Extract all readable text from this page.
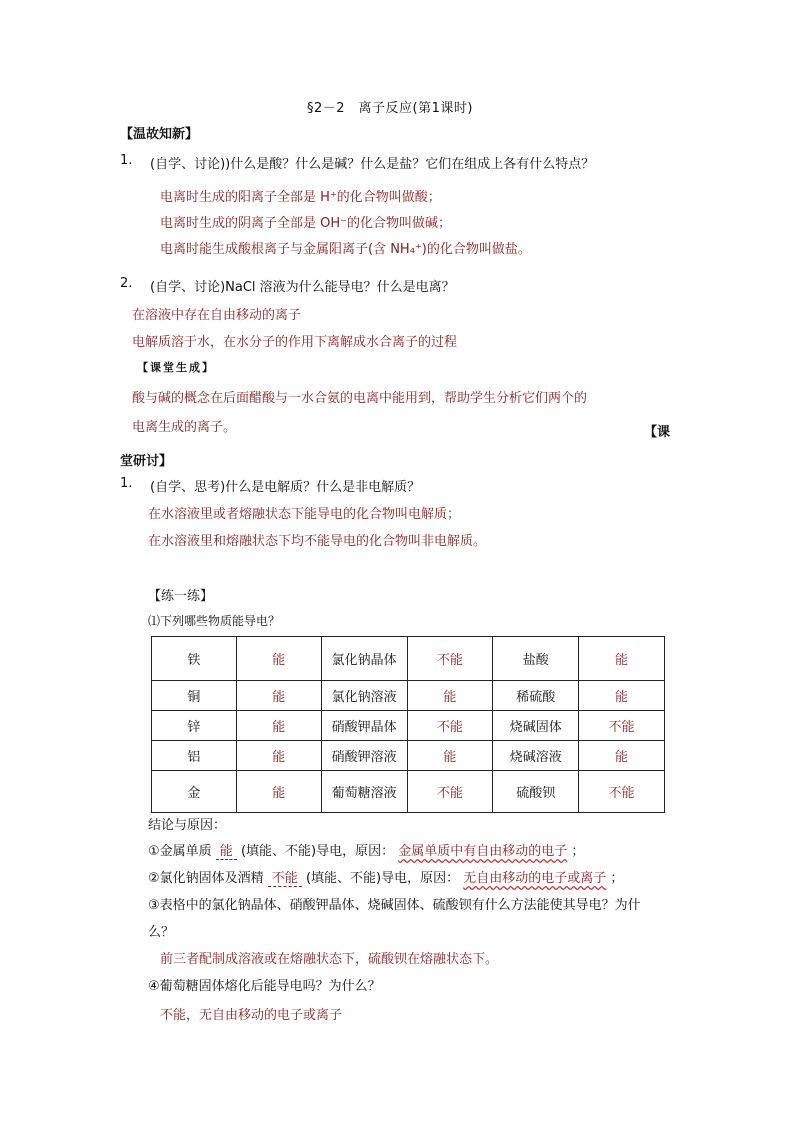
§2－2　离子反应(第1课时)
【温故知新】
1. (自学、讨论))什么是酸？什么是碱？什么是盐？它们在组成上各有什么特点？
电离时生成的阳离子全部是 H⁺的化合物叫做酸；
电离时生成的阴离子全部是 OH⁻的化合物叫做碱；
电离时能生成酸根离子与金属阳离子(含 NH₄⁺)的化合物叫做盐。
2. (自学、讨论)NaCl 溶液为什么能导电？什么是电离？
在溶液中存在自由移动的离子
电解质溶于水，在水分子的作用下离解成水合离子的过程
【课堂生成】
酸与碱的概念在后面醋酸与一水合氨的电离中能用到，帮助学生分析它们两个的
电离生成的离子。	【课
堂研讨】
1. (自学、思考)什么是电解质？什么是非电解质？
在水溶液里或者熔融状态下能导电的化合物叫电解质；
在水溶液里和熔融状态下均不能导电的化合物叫非电解质。
【练一练】
⑴下列哪些物质能导电？
铁	能	氯化钠晶体	不能	盐酸	能
铜	能	氯化钠溶液	能	稀硫酸	能
锌	能	硝酸钾晶体	不能	烧碱固体	不能
铝	能	硝酸钾溶液	能	烧碱溶液	能
金	能	葡萄糖溶液	不能	硫酸钡	不能
结论与原因：
①金属单质 能 (填能、不能)导电，原因： 金属单质中有自由移动的电子 ；
②氯化钠固体及酒精 不能 (填能、不能)导电，原因： 无自由移动的电子或离子 ；
③表格中的氯化钠晶体、硝酸钾晶体、烧碱固体、硫酸钡有什么方法能使其导电？为什
么？
前三者配制成溶液或在熔融状态下，硫酸钡在熔融状态下。
④葡萄糖固体熔化后能导电吗？为什么？
不能，无自由移动的电子或离子
